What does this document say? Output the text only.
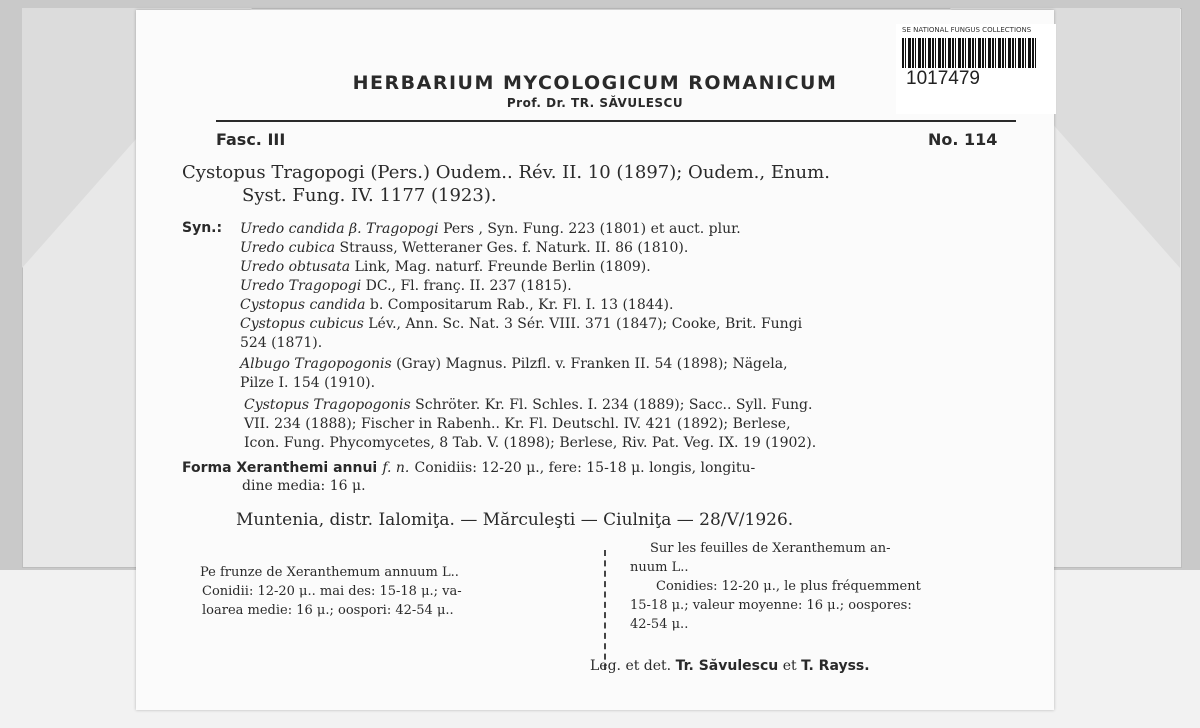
SE NATIONAL FUNGUS COLLECTIONS
1017479
HERBARIUM MYCOLOGICUM ROMANICUM
Prof. Dr. TR. SĂVULESCU
Fasc. III	No. 114
Cystopus Tragopogi (Pers.) Oudem.. Rév. II. 10 (1897); Oudem., Enum.
Syst. Fung. IV. 1177 (1923).
Syn.: Uredo candida β. Tragopogi Pers , Syn. Fung. 223 (1801) et auct. plur.
Uredo cubica Strauss, Wetteraner Ges. f. Naturk. II. 86 (1810).
Uredo obtusata Link, Mag. naturf. Freunde Berlin (1809).
Uredo Tragopogi DC., Fl. franç. II. 237 (1815).
Cystopus candida b. Compositarum Rab., Kr. Fl. I. 13 (1844).
Cystopus cubicus Lév., Ann. Sc. Nat. 3 Sér. VIII. 371 (1847); Cooke, Brit. Fungi
524 (1871).
Albugo Tragopogonis (Gray) Magnus. Pilzfl. v. Franken II. 54 (1898); Nägela,
Pilze I. 154 (1910).
Cystopus Tragopogonis Schröter. Kr. Fl. Schles. I. 234 (1889); Sacc.. Syll. Fung.
VII. 234 (1888); Fischer in Rabenh.. Kr. Fl. Deutschl. IV. 421 (1892); Berlese,
Icon. Fung. Phycomycetes, 8 Tab. V. (1898); Berlese, Riv. Pat. Veg. IX. 19 (1902).
Forma Xeranthemi annui f. n. Conidiis: 12-20 μ., fere: 15-18 μ. longis, longitu-
dine media: 16 μ.
Muntenia, distr. Ialomiţa. — Mărculeşti — Ciulniţa — 28/V/1926.
Pe frunze de Xeranthemum annuum L..
Conidii: 12-20 μ.. mai des: 15-18 μ.; va-
loarea medie: 16 μ.; oospori: 42-54 μ..
Sur les feuilles de Xeranthemum an-
nuum L..
Conidies: 12-20 μ., le plus fréquemment
15-18 μ.; valeur moyenne: 16 μ.; oospores:
42-54 μ..
Leg. et det. Tr. Săvulescu et T. Rayss.
